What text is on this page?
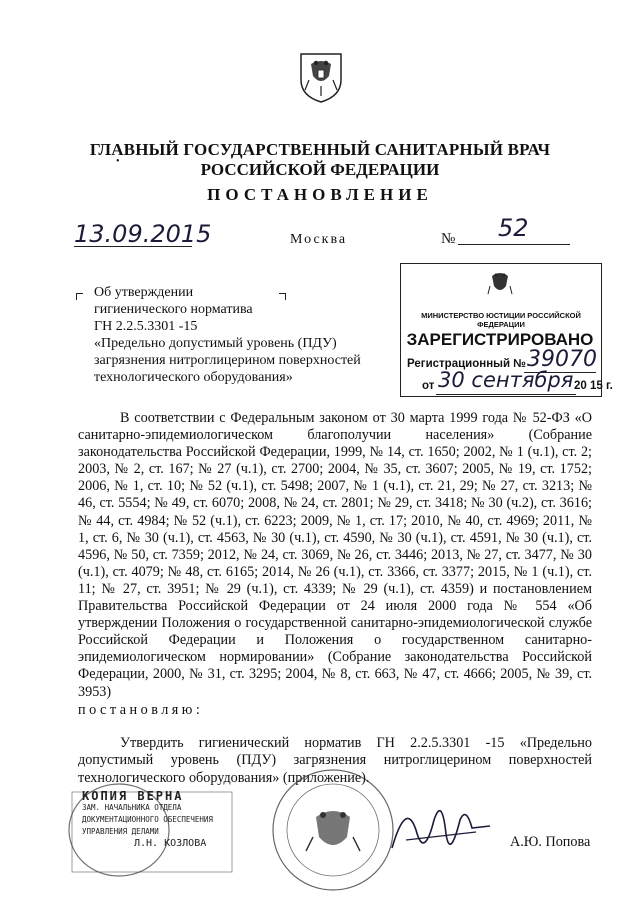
ГЛАВНЫЙ ГОСУДАРСТВЕННЫЙ САНИТАРНЫЙ ВРАЧ
•	РОССИЙСКОЙ ФЕДЕРАЦИИ
ПОСТАНОВЛЕНИЕ
13.09.2015	Москва	№ 52
Об утверждении
гигиенического норматива
ГН 2.2.5.3301 -15
«Предельно допустимый уровень (ПДУ)
загрязнения нитроглицерином поверхностей
технологического оборудования»
МИНИСТЕРСТВО ЮСТИЦИИ РОССИЙСКОЙ ФЕДЕРАЦИИ
ЗАРЕГИСТРИРОВАНО
Регистрационный № 39070
от 30 сентября 20 15 г.
В соответствии с Федеральным законом от 30 марта 1999 года № 52-ФЗ «О санитарно-эпидемиологическом благополучии населения» (Собрание законодательства Российской Федерации, 1999, № 14, ст. 1650; 2002, № 1 (ч.1), ст. 2; 2003, № 2, ст. 167; № 27 (ч.1), ст. 2700; 2004, № 35, ст. 3607; 2005, № 19, ст. 1752; 2006, № 1, ст. 10; № 52 (ч.1), ст. 5498; 2007, № 1 (ч.1), ст. 21, 29; № 27, ст. 3213; № 46, ст. 5554; № 49, ст. 6070; 2008, № 24, ст. 2801; № 29, ст. 3418; № 30 (ч.2), ст. 3616; № 44, ст. 4984; № 52 (ч.1), ст. 6223; 2009, № 1, ст. 17; 2010, № 40, ст. 4969; 2011, № 1, ст. 6, № 30 (ч.1), ст. 4563, № 30 (ч.1), ст. 4590, № 30 (ч.1), ст. 4591, № 30 (ч.1), ст. 4596, № 50, ст. 7359; 2012, № 24, ст. 3069, № 26, ст. 3446; 2013, № 27, ст. 3477, № 30 (ч.1), ст. 4079; № 48, ст. 6165; 2014, № 26 (ч.1), ст. 3366, ст. 3377; 2015, № 1 (ч.1), ст. 11; № 27, ст. 3951; № 29 (ч.1), ст. 4339; № 29 (ч.1), ст. 4359) и постановлением Правительства Российской Федерации от 24 июля 2000 года № 554 «Об утверждении Положения о государственной санитарно-эпидемиологической службе Российской Федерации и Положения о государственном санитарно-эпидемиологическом нормировании» (Собрание законодательства Российской Федерации, 2000, № 31, ст. 3295; 2004, № 8, ст. 663, № 47, ст. 4666; 2005, № 39, ст. 3953)
постановляю:
Утвердить гигиенический норматив ГН 2.2.5.3301 -15 «Предельно допустимый уровень (ПДУ) загрязнения нитроглицерином поверхностей технологического оборудования» (приложение).
КОПИЯ ВЕРНА
ЗАМ. НАЧАЛЬНИКА ОТДЕЛА
ДОКУМЕНТАЦИОННОГО ОБЕСПЕЧЕНИЯ
УПРАВЛЕНИЯ ДЕЛАМИ
Л.Н. КОЗЛОВА	А.Ю. Попова
